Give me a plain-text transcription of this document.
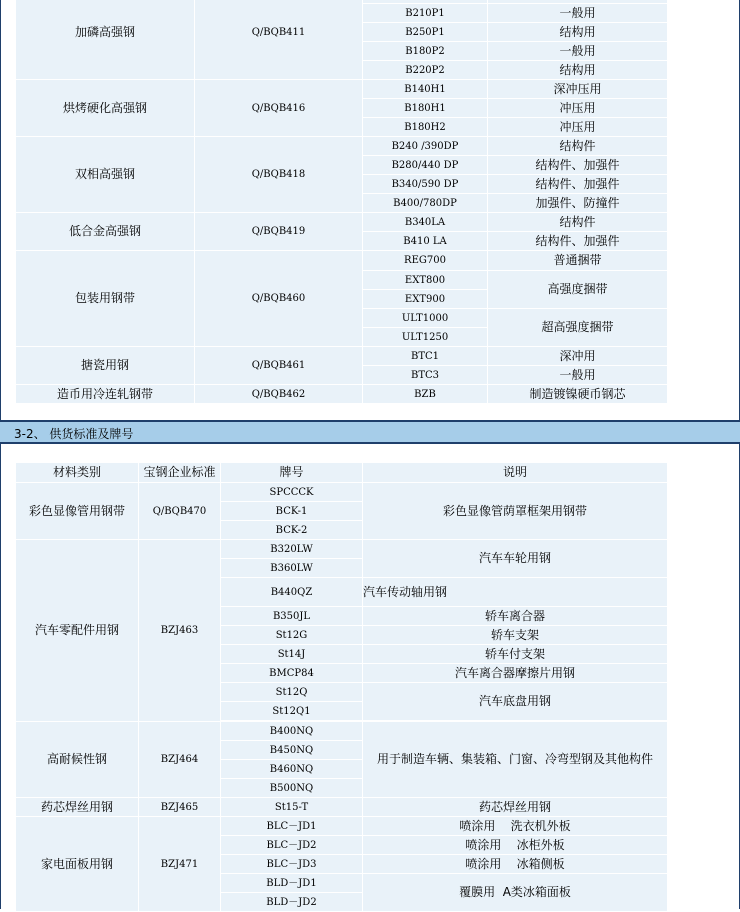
加磷高强钢	Q/BQB411		
		B210P1	一般用
		B250P1	结构用
		B180P2	一般用
		B220P2	结构用
烘烤硬化高强钢	Q/BQB416	B140H1	深冲压用
		B180H1	冲压用
		B180H2	冲压用
双相高强钢	Q/BQB418	B240 /390DP	结构件
		B280/440 DP	结构件、加强件
		B340/590 DP	结构件、加强件
		B400/780DP	加强件、防撞件
低合金高强钢	Q/BQB419	B340LA	结构件
		B410 LA	结构件、加强件
包装用钢带	Q/BQB460	REG700	普通捆带
		EXT800	高强度捆带
		EXT900	
		ULT1000	超高强度捆带
		ULT1250	
搪瓷用钢	Q/BQB461	BTC1	深冲用
		BTC3	一般用
造币用冷连轧钢带	Q/BQB462	BZB	制造镀镍硬币钢芯
3-2、 供货标准及牌号
材料类别	宝钢企业标准	牌号	说明
彩色显像管用钢带	Q/BQB470	SPCCCK	彩色显像管荫罩框架用钢带
		BCK-1	
		BCK-2	
汽车零配件用钢	BZJ463	B320LW	汽车车轮用钢
		B360LW	
		B440QZ	汽车传动轴用钢
		B350JL	轿车离合器
		St12G	轿车支架
		St14J	轿车付支架
		BMCP84	汽车离合器摩擦片用钢
		St12Q	汽车底盘用钢
		St12Q1	

高耐候性钢	BZJ464	B400NQ	用于制造车辆、集装箱、门窗、冷弯型钢及其他构件
		B450NQ	
		B460NQ	
		B500NQ	
药芯焊丝用钢	BZJ465	St15-T	药芯焊丝用钢
家电面板用钢	BZJ471	BLC－JD1	喷涂用    洗衣机外板
		BLC－JD2	喷涂用    冰柜外板
		BLC－JD3	喷涂用    冰箱侧板
		BLD－JD1	覆膜用  A类冰箱面板
		BLD－JD2	
